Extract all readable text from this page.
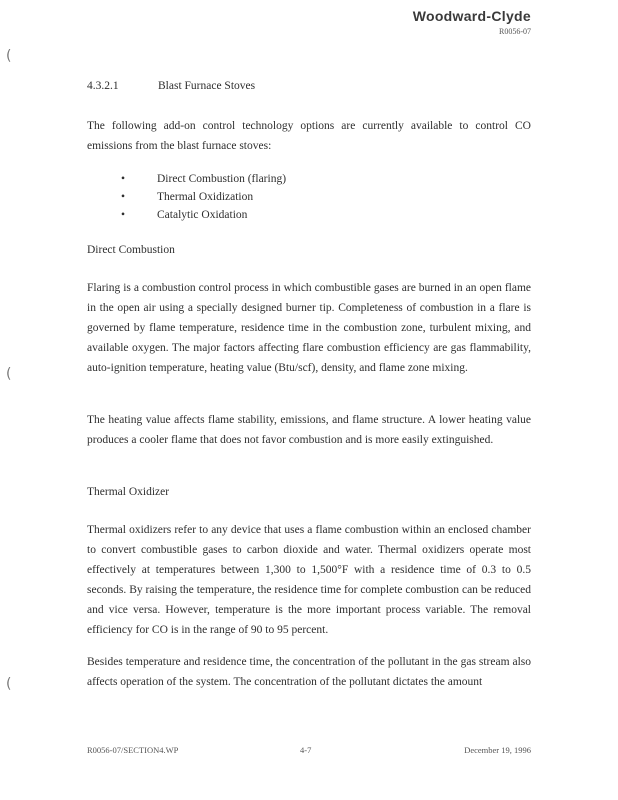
Woodward-Clyde
R0056-07
(
(
(
4.3.2.1	Blast Furnace Stoves

The following add-on control technology options are currently available to control CO emissions from the blast furnace stoves:

•	Direct Combustion (flaring)
•	Thermal Oxidization
•	Catalytic Oxidation
Direct Combustion

Flaring is a combustion control process in which combustible gases are burned in an open flame in the open air using a specially designed burner tip. Completeness of combustion in a flare is governed by flame temperature, residence time in the combustion zone, turbulent mixing, and available oxygen. The major factors affecting flare combustion efficiency are gas flammability, auto-ignition temperature, heating value (Btu/scf), density, and flame zone mixing.

The heating value affects flame stability, emissions, and flame structure. A lower heating value produces a cooler flame that does not favor combustion and is more easily extinguished.

Thermal Oxidizer

Thermal oxidizers refer to any device that uses a flame combustion within an enclosed chamber to convert combustible gases to carbon dioxide and water. Thermal oxidizers operate most effectively at temperatures between 1,300 to 1,500°F with a residence time of 0.3 to 0.5 seconds. By raising the temperature, the residence time for complete combustion can be reduced and vice versa. However, temperature is the more important process variable. The removal efficiency for CO is in the range of 90 to 95 percent.

Besides temperature and residence time, the concentration of the pollutant in the gas stream also affects operation of the system. The concentration of the pollutant dictates the amount

R0056-07/SECTION4.WP	4-7	December 19, 1996
